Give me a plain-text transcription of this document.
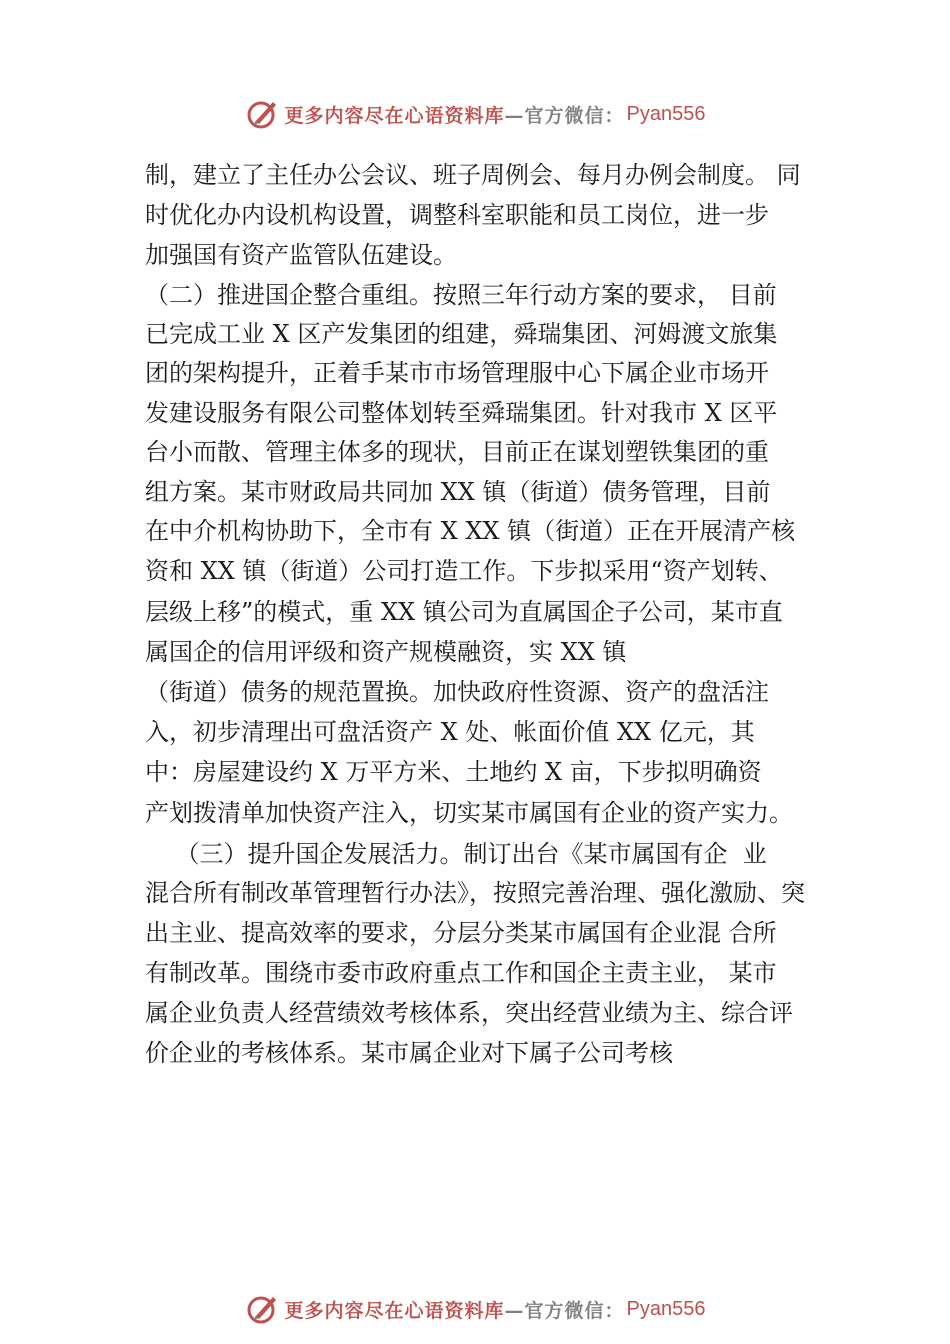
更多内容尽在心语资料库 —官方微信： Pyan556
制，建立了主任办公会议、班子周例会、每月办例会制度。 同
时优化办内设机构设置，调整科室职能和员工岗位，进一步
加强国有资产监管队伍建设。
（二）推进国企整合重组。按照三年行动方案的要求， 目前
已完成工业 X 区产发集团的组建，舜瑞集团、河姆渡文旅集
团的架构提升，正着手某市市场管理服中心下属企业市场开
发建设服务有限公司整体划转至舜瑞集团。针对我市 X 区平
台小而散、管理主体多的现状，目前正在谋划塑铁集团的重
组方案。某市财政局共同加 XX 镇（街道）债务管理，目前
在中介机构协助下，全市有 X XX 镇（街道）正在开展清产核
资和 XX 镇（街道）公司打造工作。下步拟采用“资产划转、
层级上移”的模式，重 XX 镇公司为直属国企子公司，某市直
属国企的信用评级和资产规模融资，实 XX 镇
（街道）债务的规范置换。加快政府性资源、资产的盘活注
入，初步清理出可盘活资产 X 处、帐面价值 XX 亿元，其
中：房屋建设约 X 万平方米、土地约 X 亩，下步拟明确资
产划拨清单加快资产注入，切实某市属国有企业的资产实力。
（三）提升国企发展活力。制订出台《某市属国有企  业
混合所有制改革管理暂行办法》，按照完善治理、强化激励、突
出主业、提高效率的要求，分层分类某市属国有企业混 合所
有制改革。围绕市委市政府重点工作和国企主责主业， 某市
属企业负责人经营绩效考核体系，突出经营业绩为主、综合评
价企业的考核体系。某市属企业对下属子公司考核
更多内容尽在心语资料库 —官方微信： Pyan556
